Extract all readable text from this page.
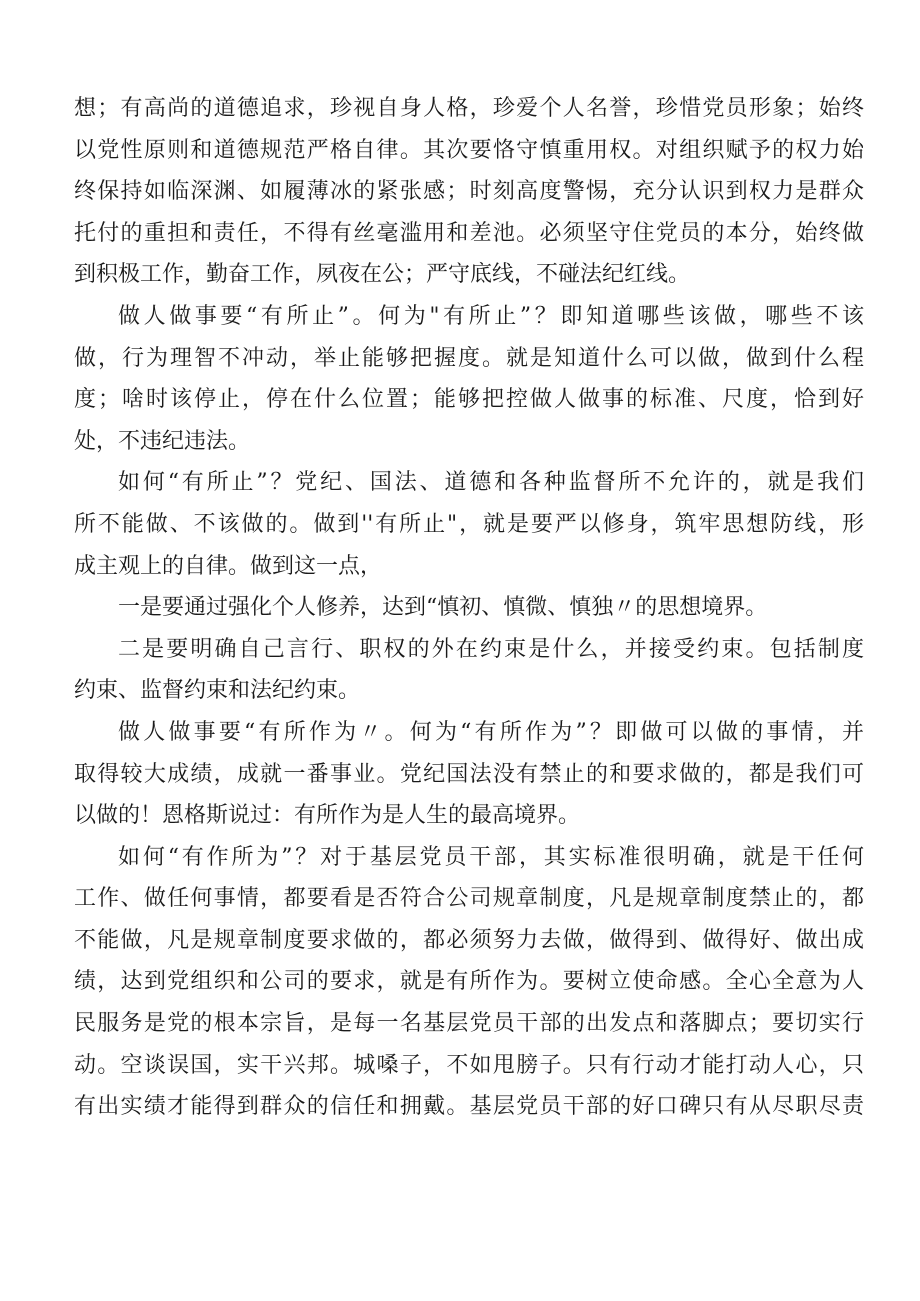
想；有高尚的道德追求，珍视自身人格，珍爱个人名誉，珍惜党员形象；始终
以党性原则和道德规范严格自律。其次要恪守慎重用权。对组织赋予的权力始
终保持如临深渊、如履薄冰的紧张感；时刻高度警惕，充分认识到权力是群众
托付的重担和责任，不得有丝毫滥用和差池。必须坚守住党员的本分，始终做
到积极工作，勤奋工作，夙夜在公；严守底线，不碰法纪红线。
做人做事要“有所止”。何为"有所止”？即知道哪些该做，哪些不该
做，行为理智不冲动，举止能够把握度。就是知道什么可以做，做到什么程
度；啥时该停止，停在什么位置；能够把控做人做事的标准、尺度，恰到好
处，不违纪违法。
如何“有所止”？党纪、国法、道德和各种监督所不允许的，就是我们
所不能做、不该做的。做到''有所止"，就是要严以修身，筑牢思想防线，形
成主观上的自律。做到这一点，
一是要通过强化个人修养，达到“慎初、慎微、慎独〃的思想境界。
二是要明确自己言行、职权的外在约束是什么，并接受约束。包括制度
约束、监督约束和法纪约束。
做人做事要“有所作为〃。何为“有所作为”？即做可以做的事情，并
取得较大成绩，成就一番事业。党纪国法没有禁止的和要求做的，都是我们可
以做的！恩格斯说过：有所作为是人生的最高境界。
如何“有作所为”？对于基层党员干部，其实标准很明确，就是干任何
工作、做任何事情，都要看是否符合公司规章制度，凡是规章制度禁止的，都
不能做，凡是规章制度要求做的，都必须努力去做，做得到、做得好、做出成
绩，达到党组织和公司的要求，就是有所作为。要树立使命感。全心全意为人
民服务是党的根本宗旨，是每一名基层党员干部的出发点和落脚点；要切实行
动。空谈误国，实干兴邦。城嗓子，不如甩膀子。只有行动才能打动人心，只
有出实绩才能得到群众的信任和拥戴。基层党员干部的好口碑只有从尽职尽责
